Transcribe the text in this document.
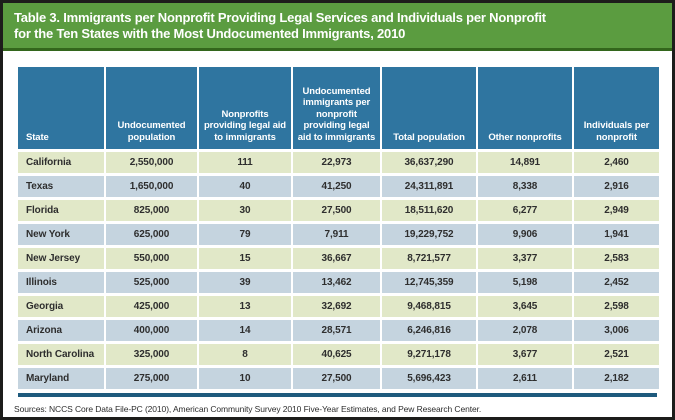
Table 3. Immigrants per Nonprofit Providing Legal Services and Individuals per Nonprofit
for the Ten States with the Most Undocumented Immigrants, 2010
State	Undocumented population	Nonprofits providing legal aid to immigrants	Undocumented immigrants per nonprofit providing legal aid to immigrants	Total population	Other nonprofits	Individuals per nonprofit
California	2,550,000	111	22,973	36,637,290	14,891	2,460
Texas	1,650,000	40	41,250	24,311,891	8,338	2,916
Florida	825,000	30	27,500	18,511,620	6,277	2,949
New York	625,000	79	7,911	19,229,752	9,906	1,941
New Jersey	550,000	15	36,667	8,721,577	3,377	2,583
Illinois	525,000	39	13,462	12,745,359	5,198	2,452
Georgia	425,000	13	32,692	9,468,815	3,645	2,598
Arizona	400,000	14	28,571	6,246,816	2,078	3,006
North Carolina	325,000	8	40,625	9,271,178	3,677	2,521
Maryland	275,000	10	27,500	5,696,423	2,611	2,182
Sources: NCCS Core Data File-PC (2010), American Community Survey 2010 Five-Year Estimates, and Pew Research Center.
